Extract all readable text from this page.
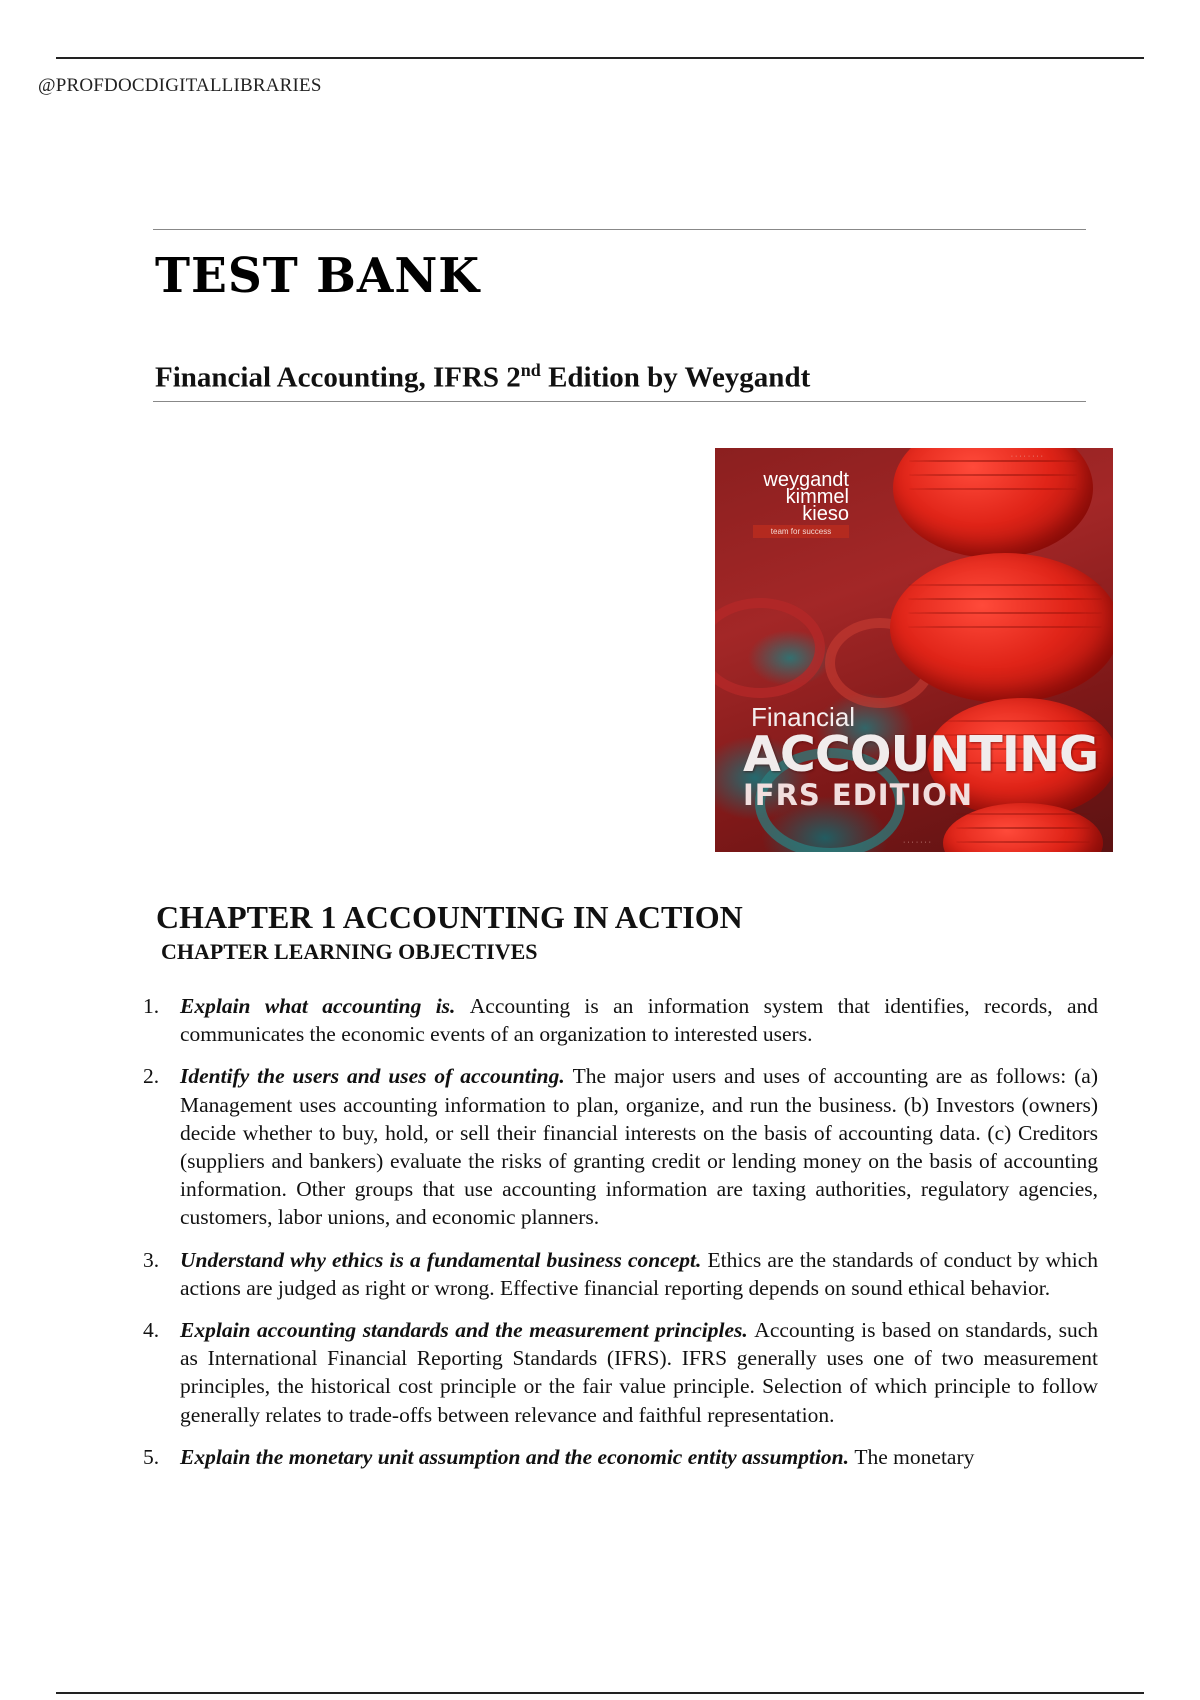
@PROFDOCDIGITALLIBRARIES
TEST BANK
Financial Accounting, IFRS 2nd Edition by Weygandt
· · · · · · · ·
weygandt
kimmel
kieso
team for success
Financial
ACCOUNTING
IFRS EDITION
· · · · · · ·
CHAPTER 1 ACCOUNTING IN ACTION
CHAPTER LEARNING OBJECTIVES
1. Explain what accounting is. Accounting is an information system that identifies, records, and communicates the economic events of an organization to interested users.
2. Identify the users and uses of accounting. The major users and uses of accounting are as follows: (a) Management uses accounting information to plan, organize, and run the business. (b) Investors (owners) decide whether to buy, hold, or sell their financial interests on the basis of accounting data. (c) Creditors (suppliers and bankers) evaluate the risks of granting credit or lending money on the basis of accounting information. Other groups that use accounting information are taxing authorities, regulatory agencies, customers, labor unions, and economic planners.
3. Understand why ethics is a fundamental business concept. Ethics are the standards of conduct by which actions are judged as right or wrong. Effective financial reporting depends on sound ethical behavior.
4. Explain accounting standards and the measurement principles. Accounting is based on standards, such as International Financial Reporting Standards (IFRS). IFRS generally uses one of two measurement principles, the historical cost principle or the fair value principle. Selection of which principle to follow generally relates to trade-offs between relevance and faithful representation.
5. Explain the monetary unit assumption and the economic entity assumption. The monetary
